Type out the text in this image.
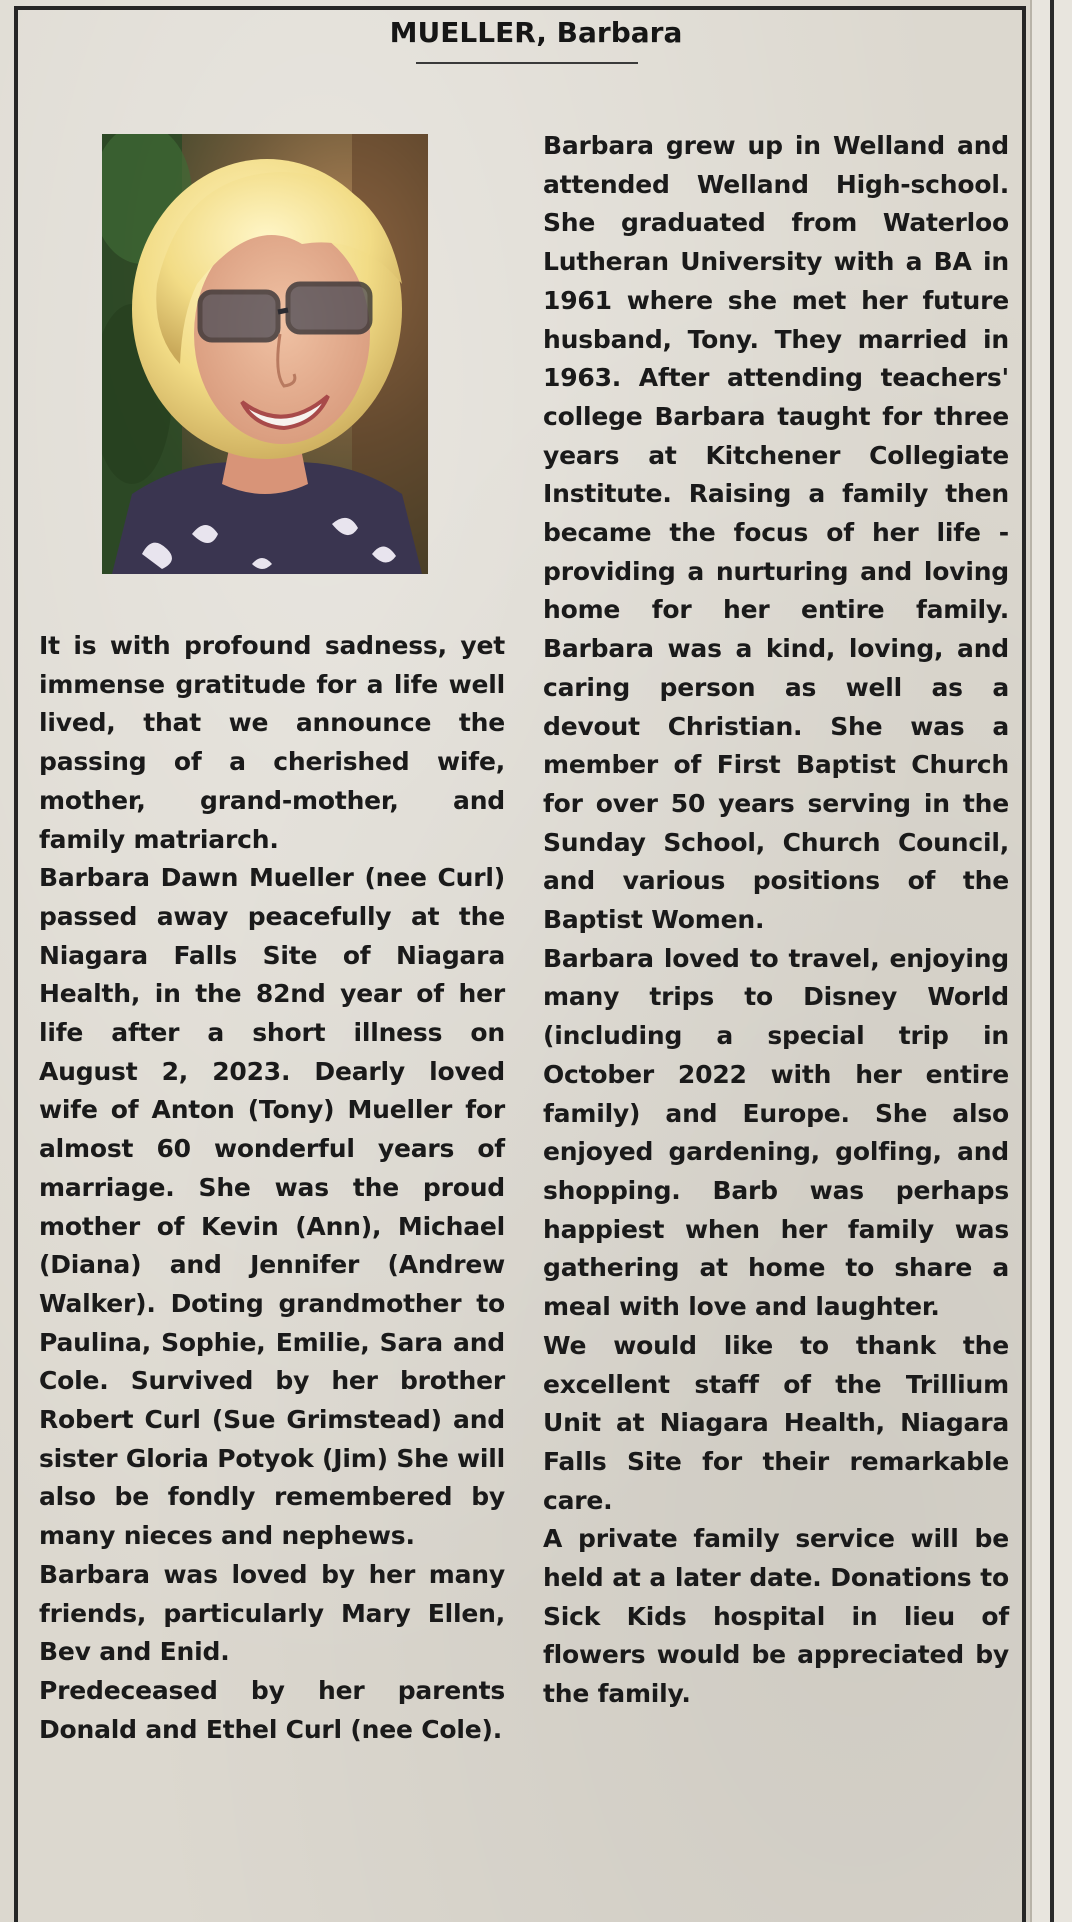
MUELLER, Barbara

It is with profound sadness, yet immense gratitude for a life well lived, that we announce the passing of a cherished wife, mother, grand-mother, and family matriarch.

Barbara Dawn Mueller (nee Curl) passed away peacefully at the Niagara Falls Site of Niagara Health, in the 82nd year of her life after a short illness on August 2, 2023. Dearly loved wife of Anton (Tony) Mueller for almost 60 wonderful years of marriage. She was the proud mother of Kevin (Ann), Michael (Diana) and Jennifer (Andrew Walker). Doting grandmother to Paulina, Sophie, Emilie, Sara and Cole. Survived by her brother Robert Curl (Sue Grimstead) and sister Gloria Potyok (Jim) She will also be fondly remembered by many nieces and nephews.

Barbara was loved by her many friends, particularly Mary Ellen, Bev and Enid.

Predeceased by her parents Donald and Ethel Curl (nee Cole).

Barbara grew up in Welland and attended Welland High-school. She graduated from Waterloo Lutheran University with a BA in 1961 where she met her future husband, Tony. They married in 1963. After attending teachers' college Barbara taught for three years at Kitchener Collegiate Institute. Raising a family then became the focus of her life - providing a nurturing and loving home for her entire family. Barbara was a kind, loving, and caring person as well as a devout Christian. She was a member of First Baptist Church for over 50 years serving in the Sunday School, Church Council, and various positions of the Baptist Women.

Barbara loved to travel, enjoying many trips to Disney World (including a special trip in October 2022 with her entire family) and Europe. She also enjoyed gardening, golfing, and shopping. Barb was perhaps happiest when her family was gathering at home to share a meal with love and laughter.

We would like to thank the excellent staff of the Trillium Unit at Niagara Health, Niagara Falls Site for their remarkable care.

A private family service will be held at a later date. Donations to Sick Kids hospital in lieu of flowers would be appreciated by the family.
